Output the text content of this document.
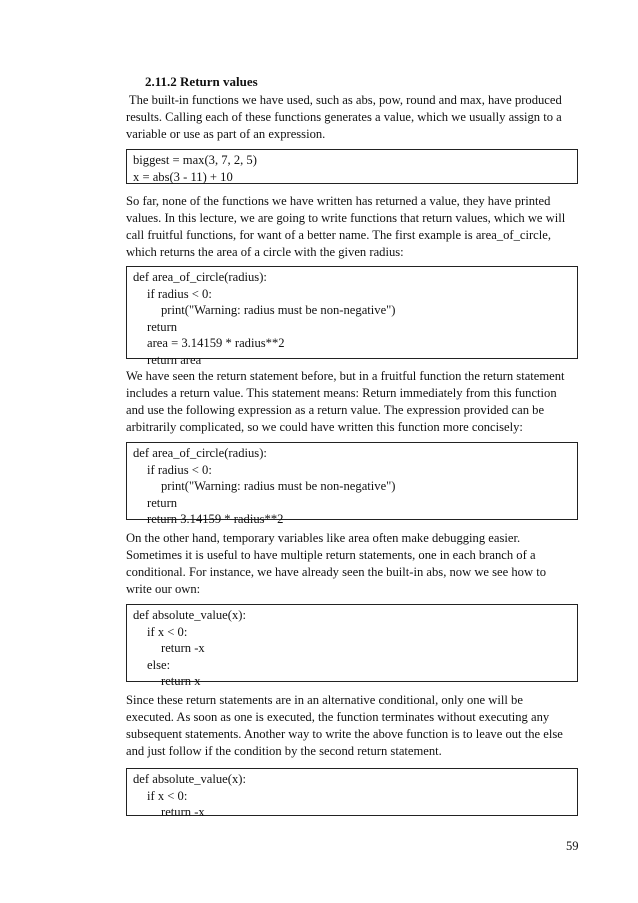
2.11.2 Return values

The built-in functions we have used, such as abs, pow, round and max, have produced
results. Calling each of these functions generates a value, which we usually assign to a
variable or use as part of an expression.

biggest = max(3, 7, 2, 5)
x = abs(3 - 11) + 10

So far, none of the functions we have written has returned a value, they have printed
values. In this lecture, we are going to write functions that return values, which we will
call fruitful functions, for want of a better name. The first example is area_of_circle,
which returns the area of a circle with the given radius:

def area_of_circle(radius):
if radius < 0:
print("Warning: radius must be non-negative")
return
area = 3.14159 * radius**2
return area

We have seen the return statement before, but in a fruitful function the return statement
includes a return value. This statement means: Return immediately from this function
and use the following expression as a return value. The expression provided can be
arbitrarily complicated, so we could have written this function more concisely:

def area_of_circle(radius):
if radius < 0:
print("Warning: radius must be non-negative")
return
return 3.14159 * radius**2

On the other hand, temporary variables like area often make debugging easier.
Sometimes it is useful to have multiple return statements, one in each branch of a
conditional. For instance, we have already seen the built-in abs, now we see how to
write our own:

def absolute_value(x):
if x < 0:
return -x
else:
return x

Since these return statements are in an alternative conditional, only one will be
executed. As soon as one is executed, the function terminates without executing any
subsequent statements. Another way to write the above function is to leave out the else
and just follow if the condition by the second return statement.

def absolute_value(x):
if x < 0:
return -x
59
